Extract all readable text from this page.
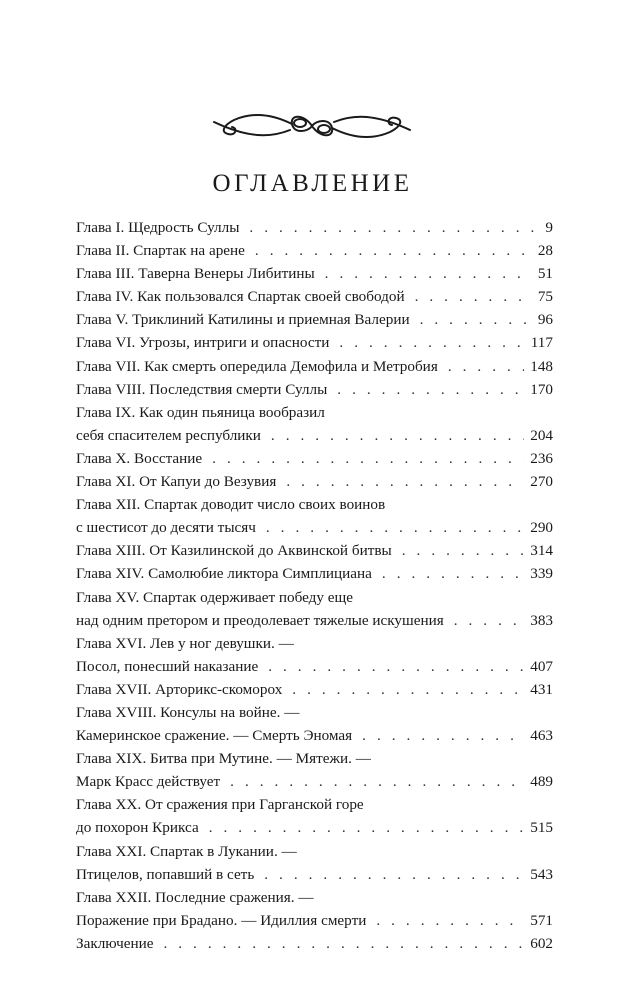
ОГЛАВЛЕНИЕ
Глава I. Щедрость Суллы . . .	9
Глава II. Спартак на арене . . .	28
Глава III. Таверна Венеры Либитины . . .	51
Глава IV. Как пользовался Спартак своей свободой . . .	75
Глава V. Триклиний Катилины и приемная Валерии . . .	96
Глава VI. Угрозы, интриги и опасности . . .	117
Глава VII. Как смерть опередила Демофила и Метробия . . .	148
Глава VIII. Последствия смерти Суллы . . .	170
Глава IX. Как один пьяница вообразил
себя спасителем республики . . .	204
Глава X. Восстание . . .	236
Глава XI. От Капуи до Везувия . . .	270
Глава XII. Спартак доводит число своих воинов
с шестисот до десяти тысяч . . .	290
Глава XIII. От Казилинской до Аквинской битвы . . .	314
Глава XIV. Самолюбие ликтора Симплициана . . .	339
Глава XV. Спартак одерживает победу еще
над одним претором и преодолевает тяжелые искушения . . .	383
Глава XVI. Лев у ног девушки. —
Посол, понесший наказание . . .	407
Глава XVII. Арторикс-скоморох . . .	431
Глава XVIII. Консулы на войне. —
Камеринское сражение. — Смерть Эномая . . .	463
Глава XIX. Битва при Мутине. — Мятежи. —
Марк Красс действует . . .	489
Глава XX. От сражения при Гарганской горе
до похорон Крикса . . .	515
Глава XXI. Спартак в Лукании. —
Птицелов, попавший в сеть . . .	543
Глава XXII. Последние сражения. —
Поражение при Брадано. — Идиллия смерти . . .	571
Заключение . . .	602
